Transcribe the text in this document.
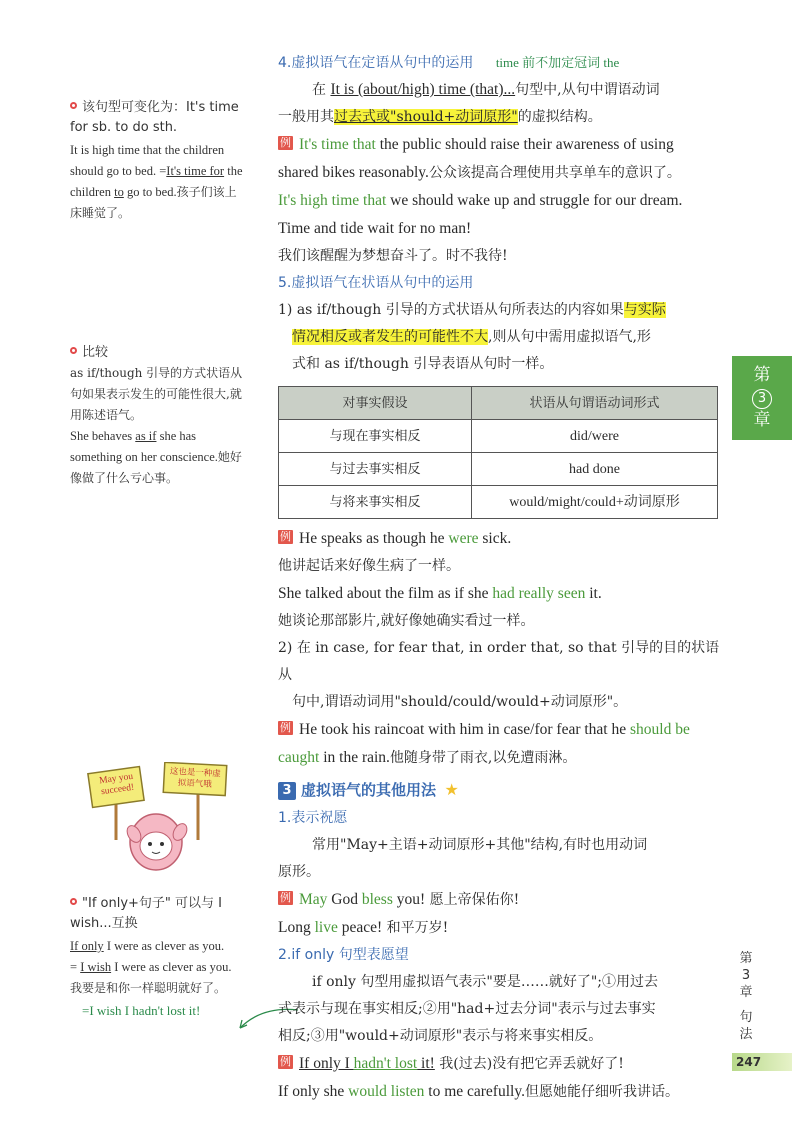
该句型可变化为：It's time for sb. to do sth.
It is high time that the children should go to bed. =It's time for the children to go to bed.孩子们该上床睡觉了。
比较
as if/though 引导的方式状语从句如果表示发生的可能性很大,就用陈述语气。
She behaves as if she has something on her conscience.她好像做了什么亏心事。
May you succeed!
这也是一种虚拟语气哦
"If only+句子" 可以与 I wish...互换
If only I were as clever as you.
= I wish I were as clever as you.
我要是和你一样聪明就好了。
=I wish I hadn't lost it!
4.虚拟语气在定语从句中的运用 time 前不加定冠词 the
在 It is (about/high) time (that)...句型中,从句中谓语动词
一般用其过去式或"should+动词原形"的虚拟结构。
例 It's time that the public should raise their awareness of using
shared bikes reasonably.公众该提高合理使用共享单车的意识了。
It's high time that we should wake up and struggle for our dream.
Time and tide wait for no man!
我们该醒醒为梦想奋斗了。时不我待!
5.虚拟语气在状语从句中的运用
1) as if/though 引导的方式状语从句所表达的内容如果与实际
情况相反或者发生的可能性不大,则从句中需用虚拟语气,形
式和 as if/though 引导表语从句时一样。
对事实假设	状语从句谓语动词形式
与现在事实相反	did/were
与过去事实相反	had done
与将来事实相反	would/might/could+动词原形
例 He speaks as though he were sick.
他讲起话来好像生病了一样。
She talked about the film as if she had really seen it.
她谈论那部影片,就好像她确实看过一样。
2) 在 in case, for fear that, in order that, so that 引导的目的状语从
句中,谓语动词用"should/could/would+动词原形"。
例 He took his raincoat with him in case/for fear that he should be
caught in the rain.他随身带了雨衣,以免遭雨淋。
3 虚拟语气的其他用法 ★
1.表示祝愿
常用"May+主语+动词原形+其他"结构,有时也用动词
原形。
例 May God bless you! 愿上帝保佑你!
Long live peace! 和平万岁!
2.if only 句型表愿望
if only 句型用虚拟语气表示"要是……就好了";①用过去
式表示与现在事实相反;②用"had+过去分词"表示与过去事实
相反;③用"would+动词原形"表示与将来事实相反。
例 If only I hadn't lost it! 我(过去)没有把它弄丢就好了!
If only she would listen to me carefully.但愿她能仔细听我讲话。
第
3
章
第
3
章
句
法
247
